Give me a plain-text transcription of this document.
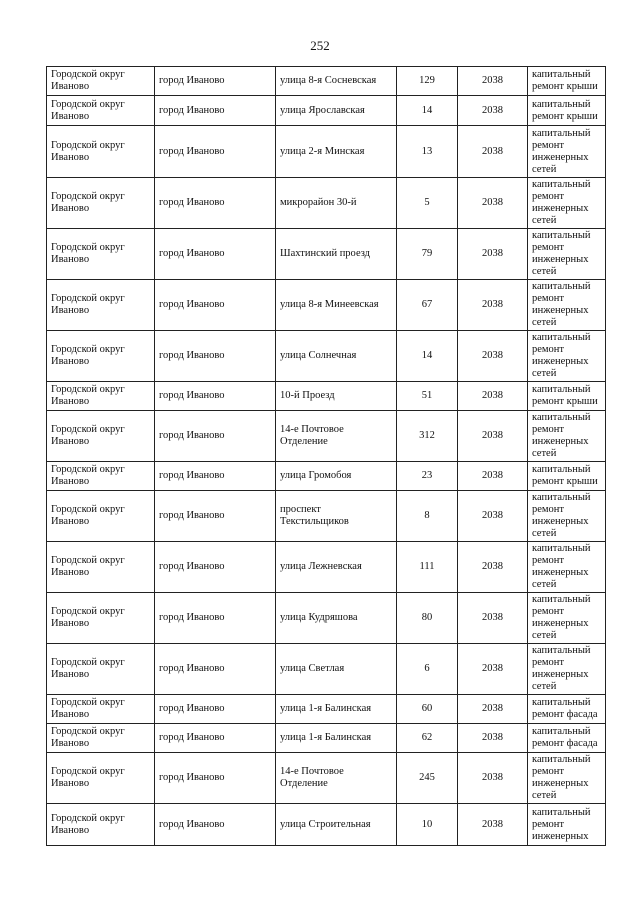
252
Городской округ Иваново	город Иваново	улица 8-я Сосневская	129	2038	капитальный ремонт крыши
Городской округ Иваново	город Иваново	улица Ярославская	14	2038	капитальный ремонт крыши
Городской округ Иваново	город Иваново	улица 2-я Минская	13	2038	капитальный ремонт инженерных сетей
Городской округ Иваново	город Иваново	микрорайон 30-й	5	2038	капитальный ремонт инженерных сетей
Городской округ Иваново	город Иваново	Шахтинский проезд	79	2038	капитальный ремонт инженерных сетей
Городской округ Иваново	город Иваново	улица 8-я Минеевская	67	2038	капитальный ремонт инженерных сетей
Городской округ Иваново	город Иваново	улица Солнечная	14	2038	капитальный ремонт инженерных сетей
Городской округ Иваново	город Иваново	10-й Проезд	51	2038	капитальный ремонт крыши
Городской округ Иваново	город Иваново	14-е Почтовое Отделение	312	2038	капитальный ремонт инженерных сетей
Городской округ Иваново	город Иваново	улица Громобоя	23	2038	капитальный ремонт крыши
Городской округ Иваново	город Иваново	проспект Текстильщиков	8	2038	капитальный ремонт инженерных сетей
Городской округ Иваново	город Иваново	улица Лежневская	111	2038	капитальный ремонт инженерных сетей
Городской округ Иваново	город Иваново	улица Кудряшова	80	2038	капитальный ремонт инженерных сетей
Городской округ Иваново	город Иваново	улица Светлая	6	2038	капитальный ремонт инженерных сетей
Городской округ Иваново	город Иваново	улица 1-я Балинская	60	2038	капитальный ремонт фасада
Городской округ Иваново	город Иваново	улица 1-я Балинская	62	2038	капитальный ремонт фасада
Городской округ Иваново	город Иваново	14-е Почтовое Отделение	245	2038	капитальный ремонт инженерных сетей
Городской округ Иваново	город Иваново	улица Строительная	10	2038	капитальный ремонт инженерных
